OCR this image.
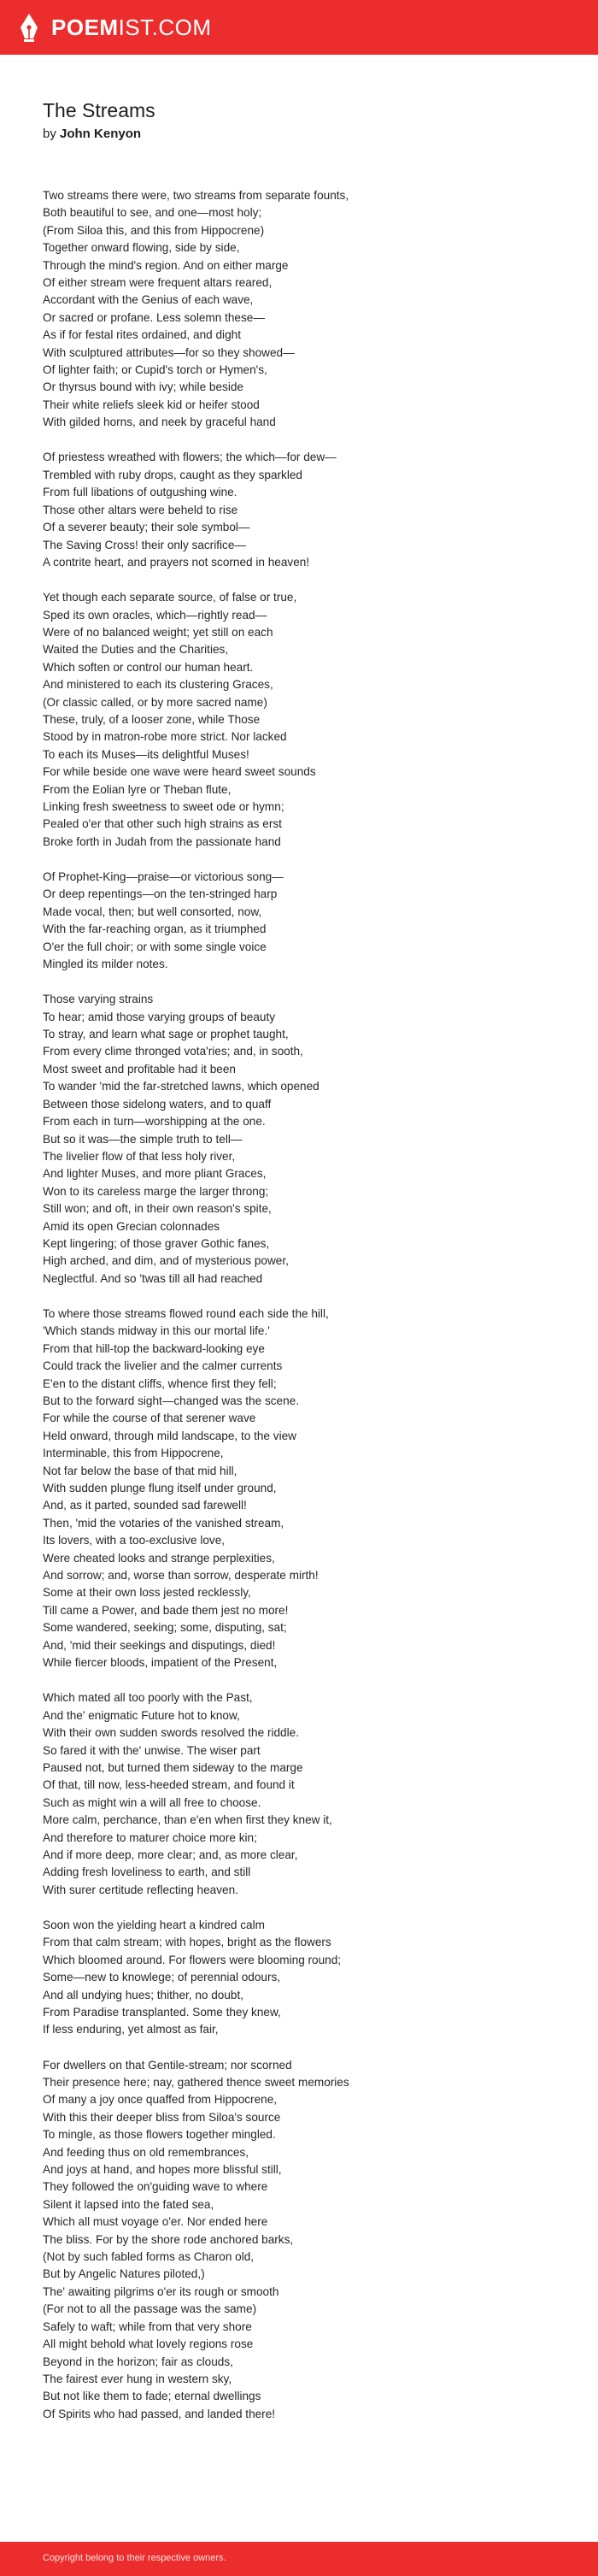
POEMIST.COM
The Streams
by John Kenyon

Two streams there were, two streams from separate founts,
Both beautiful to see, and one—most holy;
(From Siloa this, and this from Hippocrene)
Together onward flowing, side by side,
Through the mind's region. And on either marge
Of either stream were frequent altars reared,
Accordant with the Genius of each wave,
Or sacred or profane. Less solemn these—
As if for festal rites ordained, and dight
With sculptured attributes—for so they showed—
Of lighter faith; or Cupid's torch or Hymen's,
Or thyrsus bound with ivy; while beside
Their white reliefs sleek kid or heifer stood
With gilded horns, and neek by graceful hand

Of priestess wreathed with flowers; the which—for dew—
Trembled with ruby drops, caught as they sparkled
From full libations of outgushing wine.
Those other altars were beheld to rise
Of a severer beauty; their sole symbol—
The Saving Cross! their only sacrifice—
A contrite heart, and prayers not scorned in heaven!

Yet though each separate source, of false or true,
Sped its own oracles, which—rightly read—
Were of no balanced weight; yet still on each
Waited the Duties and the Charities,
Which soften or control our human heart.
And ministered to each its clustering Graces,
(Or classic called, or by more sacred name)
These, truly, of a looser zone, while Those
Stood by in matron-robe more strict. Nor lacked
To each its Muses—its delightful Muses!
For while beside one wave were heard sweet sounds
From the Eolian lyre or Theban flute,
Linking fresh sweetness to sweet ode or hymn;
Pealed o'er that other such high strains as erst
Broke forth in Judah from the passionate hand

Of Prophet-King—praise—or victorious song—
Or deep repentings—on the ten-stringed harp
Made vocal, then; but well consorted, now,
With the far-reaching organ, as it triumphed
O'er the full choir; or with some single voice
Mingled its milder notes.

Those varying strains
To hear; amid those varying groups of beauty
To stray, and learn what sage or prophet taught,
From every clime thronged vota'ries; and, in sooth,
Most sweet and profitable had it been
To wander 'mid the far-stretched lawns, which opened
Between those sidelong waters, and to quaff
From each in turn—worshipping at the one.
But so it was—the simple truth to tell—
The livelier flow of that less holy river,
And lighter Muses, and more pliant Graces,
Won to its careless marge the larger throng;
Still won; and oft, in their own reason's spite,
Amid its open Grecian colonnades
Kept lingering; of those graver Gothic fanes,
High arched, and dim, and of mysterious power,
Neglectful. And so 'twas till all had reached

To where those streams flowed round each side the hill,
'Which stands midway in this our mortal life.'
From that hill-top the backward-looking eye
Could track the livelier and the calmer currents
E'en to the distant cliffs, whence first they fell;
But to the forward sight—changed was the scene.
For while the course of that serener wave
Held onward, through mild landscape, to the view
Interminable, this from Hippocrene,
Not far below the base of that mid hill,
With sudden plunge flung itself under ground,
And, as it parted, sounded sad farewell!
Then, 'mid the votaries of the vanished stream,
Its lovers, with a too-exclusive love,
Were cheated looks and strange perplexities,
And sorrow; and, worse than sorrow, desperate mirth!
Some at their own loss jested recklessly,
Till came a Power, and bade them jest no more!
Some wandered, seeking; some, disputing, sat;
And, 'mid their seekings and disputings, died!
While fiercer bloods, impatient of the Present,

Which mated all too poorly with the Past,
And the' enigmatic Future hot to know,
With their own sudden swords resolved the riddle.
So fared it with the' unwise. The wiser part
Paused not, but turned them sideway to the marge
Of that, till now, less-heeded stream, and found it
Such as might win a will all free to choose.
More calm, perchance, than e'en when first they knew it,
And therefore to maturer choice more kin;
And if more deep, more clear; and, as more clear,
Adding fresh loveliness to earth, and still
With surer certitude reflecting heaven.

Soon won the yielding heart a kindred calm
From that calm stream; with hopes, bright as the flowers
Which bloomed around. For flowers were blooming round;
Some—new to knowlege; of perennial odours,
And all undying hues; thither, no doubt,
From Paradise transplanted. Some they knew,
If less enduring, yet almost as fair,

For dwellers on that Gentile-stream; nor scorned
Their presence here; nay, gathered thence sweet memories
Of many a joy once quaffed from Hippocrene,
With this their deeper bliss from Siloa's source
To mingle, as those flowers together mingled.
And feeding thus on old remembrances,
And joys at hand, and hopes more blissful still,
They followed the on'guiding wave to where
Silent it lapsed into the fated sea,
Which all must voyage o'er. Nor ended here
The bliss. For by the shore rode anchored barks,
(Not by such fabled forms as Charon old,
But by Angelic Natures piloted,)
The' awaiting pilgrims o'er its rough or smooth
(For not to all the passage was the same)
Safely to waft; while from that very shore
All might behold what lovely regions rose
Beyond in the horizon; fair as clouds,
The fairest ever hung in western sky,
But not like them to fade; eternal dwellings
Of Spirits who had passed, and landed there!

Copyright belong to their respective owners.
